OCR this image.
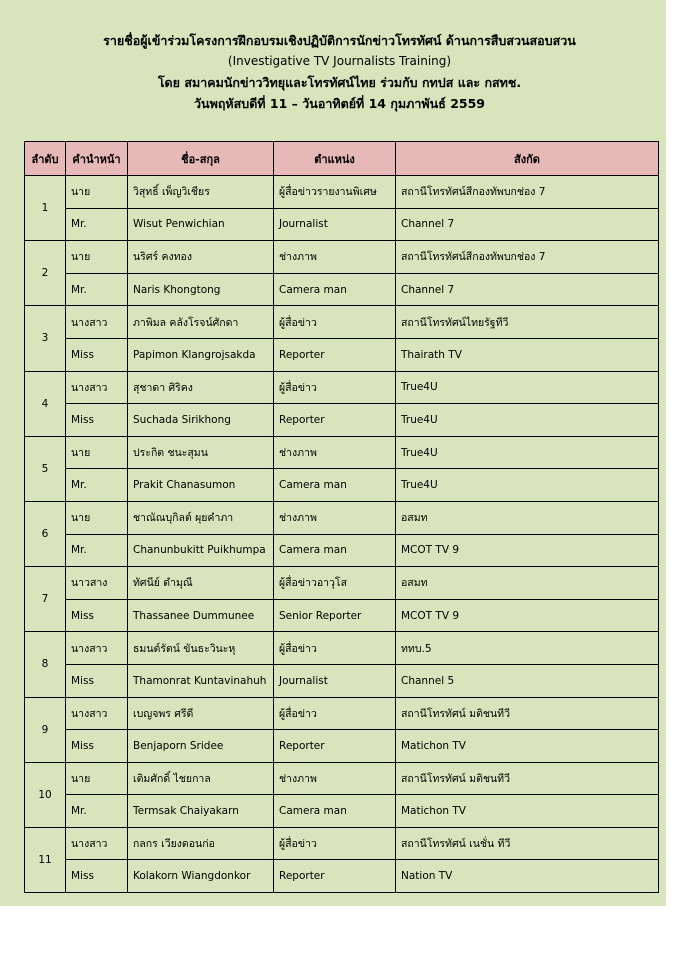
รายชื่อผู้เข้าร่วมโครงการฝึกอบรมเชิงปฏิบัติการนักข่าวโทรทัศน์ ด้านการสืบสวนสอบสวน
(Investigative TV Journalists Training)
โดย สมาคมนักข่าววิทยุและโทรทัศน์ไทย ร่วมกับ กทปส และ กสทช.
วันพฤหัสบดีที่ 11 – วันอาทิตย์ที่ 14 กุมภาพันธ์ 2559
ลำดับ	คำนำหน้า	ชื่อ-สกุล	ตำแหน่ง	สังกัด
1	นาย	วิสุทธิ์ เพ็ญวิเชียร	ผู้สื่อข่าวรายงานพิเศษ	สถานีโทรทัศน์สีกองทัพบกช่อง 7
	Mr.	Wisut Penwichian	Journalist	Channel 7
2	นาย	นริศร์ คงทอง	ช่างภาพ	สถานีโทรทัศน์สีกองทัพบกช่อง 7
	Mr.	Naris Khongtong	Camera man	Channel 7
3	นางสาว	ภาพิมล คลังโรจน์ศักดา	ผู้สื่อข่าว	สถานีโทรทัศน์ไทยรัฐทีวี
	Miss	Papimon Klangrojsakda	Reporter	Thairath TV
4	นางสาว	สุชาดา ศิริคง	ผู้สื่อข่าว	True4U
	Miss	Suchada Sirikhong	Reporter	True4U
5	นาย	ประกิต ชนะสุมน	ช่างภาพ	True4U
	Mr.	Prakit Chanasumon	Camera man	True4U
6	นาย	ชาณัณบุกิลต์ ผุยคำภา	ช่างภาพ	อสมท
	Mr.	Chanunbukitt Puikhumpa	Camera man	MCOT TV 9
7	นาวสาง	ทัศนีย์ ดำมุณี	ผู้สื่อข่าวอาวุโส	อสมท
	Miss	Thassanee Dummunee	Senior Reporter	MCOT TV 9
8	นางสาว	ธมนต์รัตน์ ขันธะวินะหุ	ผู้สื่อข่าว	ททบ.5
	Miss	Thamonrat Kuntavinahuh	Journalist	Channel 5
9	นางสาว	เบญจพร ศรีดี	ผู้สื่อข่าว	สถานีโทรทัศน์ มติชนทีวี
	Miss	Benjaporn Sridee	Reporter	Matichon TV
10	นาย	เติมศักดิ์ ไชยกาล	ช่างภาพ	สถานีโทรทัศน์ มติชนทีวี
	Mr.	Termsak Chaiyakarn	Camera man	Matichon TV
11	นางสาว	กลกร เวียงดอนก่อ	ผู้สื่อข่าว	สถานีโทรทัศน์ เนชั่น ทีวี
	Miss	Kolakorn Wiangdonkor	Reporter	Nation TV
